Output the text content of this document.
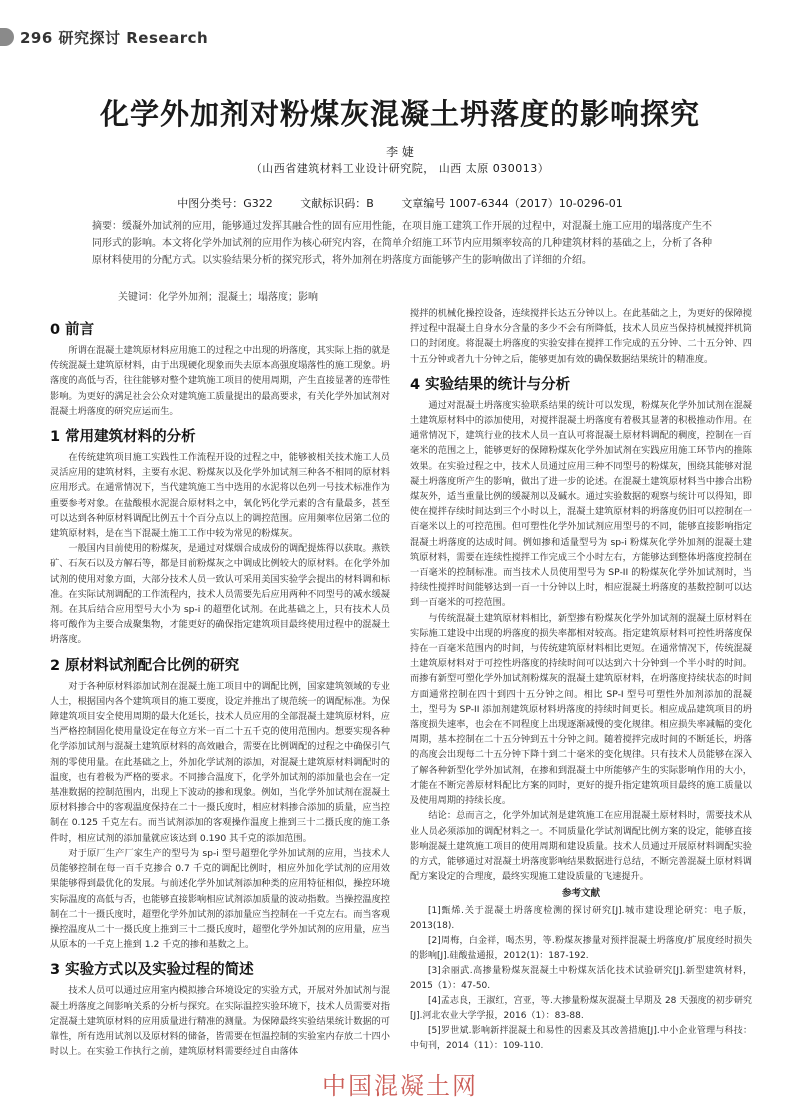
296 研究探讨 Research
化学外加剂对粉煤灰混凝土坍落度的影响探究
李 婕
（山西省建筑材料工业设计研究院， 山西 太原 030013）
中图分类号：G322	文献标识码：B	文章编号 1007-6344（2017）10-0296-01

摘要：缓凝外加试剂的应用，能够通过发挥其融合性的固有应用性能，在项目施工建筑工作开展的过程中，对混凝土施工应用的塌落度产生不同形式的影响。本文将化学外加试剂的应用作为核心研究内容，在简单介绍施工环节内应用频率较高的几种建筑材料的基础之上，分析了各种原材料使用的分配方式。以实验结果分析的探究形式，将外加剂在坍落度方面能够产生的影响做出了详细的介绍。

关键词：化学外加剂；混凝土；塌落度；影响
0 前言

所谓在混凝土建筑原材料应用施工的过程之中出现的坍落度，其实际上指的就是传统混凝土建筑原材料，由于出现硬化现象而失去原本高强度塌落性的施工现象。坍落度的高低与否，往往能够对整个建筑施工项目的使用周期，产生直接显著的连带性影响。为更好的满足社会公众对建筑施工质量提出的最高要求，有关化学外加试剂对混凝土坍落度的研究应运而生。

1 常用建筑材料的分析

在传统建筑项目施工实践性工作流程开设的过程之中，能够被相关技术施工人员灵活应用的建筑材料，主要有水泥、粉煤灰以及化学外加试剂三种各不相同的原材料应用形式。在通常情况下，当代建筑施工当中选用的水泥将以色列一号技术标准作为重要参考对象。在盐酸根水泥混合原材料之中，氧化钙化学元素的含有量最多，甚至可以达到各种原材料调配比例五十个百分点以上的调控范围。应用频率位居第二位的建筑原材料，是在当下混凝土施工工作中较为常见的粉煤灰。

一般国内目前使用的粉煤灰，是通过对煤烟合成成份的调配提炼得以获取。燕铁矿、石灰石以及方解石等，都是目前粉煤灰之中调成比例较大的原材料。在化学外加试剂的使用对象方面，大部分技术人员一致认可采用美国实验学会提出的材料调和标准。在实际试剂调配的工作流程内，技术人员需要先后应用两种不同型号的减水缓凝剂。在其后结合应用型号大小为 sp-i 的超塑化试剂。在此基础之上，只有技术人员将可酸作为主要合成聚集物，才能更好的确保指定建筑项目最终使用过程中的混凝土坍落度。

2 原材料试剂配合比例的研究

对于各种原材料添加试剂在混凝土施工项目中的调配比例，国家建筑领域的专业人士，根据国内各个建筑项目的施工要度，设定并推出了规范统一的调配标准。为保障建筑项目安全使用周期的最大化延长，技术人员应用的全部混凝土建筑原材料，应当严格控制固化使用量设定在每立方米一百二十五千克的使用范围内。想要实现各种化学添加试剂与混凝土建筑原材料的高效融合，需要在比例调配的过程之中确保引气剂的零使用量。在此基础之上，外加化学试剂的添加，对混凝土建筑原材料调配时的温度，也有着极为严格的要求。不同掺合温度下，化学外加试剂的添加量也会在一定基准数据的控制范围内，出现上下波动的掺和现象。例如，当化学外加试剂在混凝土原材料掺合中的客观温度保持在二十一摄氏度时，相应材料掺合添加的质量，应当控制在 0.125 千克左右。而当试剂添加的客观操作温度上推到三十二摄氏度的施工条件时，相应试剂的添加量就应该达到 0.190 其千克的添加范围。

对于原厂生产厂家生产的型号为 sp-i 型号超塑化学外加试剂的应用，当技术人员能够控制在每一百千克掺合 0.7 千克的调配比例时，相应外加化学试剂的应用效果能够得到最优化的发展。与前述化学外加试剂添加种类的应用特征相似，操控环境实际温度的高低与否，也能够直接影响相应试剂添加质量的波动指数。当操控温度控制在二十一摄氏度时，超塑化学外加试剂的添加量应当控制在一千克左右。而当客观操控温度从二十一摄氏度上推到三十二摄氏度时，超塑化学外加试剂的应用量，应当从原本的一千克上推到 1.2 千克的掺和基数之上。

3 实验方式以及实验过程的简述

技术人员可以通过应用室内模拟掺合环境设定的实验方式，开展对外加试剂与混凝土坍落度之间影响关系的分析与探究。在实际温控实验环境下，技术人员需要对指定混凝土建筑原材料的应用质量进行精准的测量。为保障最终实验结果统计数据的可靠性，所有选用试剂以及原材料的储备，皆需要在恒温控制的实验室内存放二十四小时以上。在实验工作执行之前，建筑原材料需要经过自由落体

搅拌的机械化操控设备，连续搅拌长达五分钟以上。在此基础之上，为更好的保障搅拌过程中混凝土自身水分含量的多少不会有所降低，技术人员应当保持机械搅拌机筒口的封闭度。将混凝土坍落度的实验安排在搅拌工作完成的五分钟、二十五分钟、四十五分钟或者九十分钟之后，能够更加有效的确保数据结果统计的精准度。

4 实验结果的统计与分析

通过对混凝土坍落度实验联系结果的统计可以发现，粉煤灰化学外加试剂在混凝土建筑原材料中的添加使用，对搅拌混凝土坍落度有着极其显著的积极推动作用。在通常情况下，建筑行业的技术人员一直认可将混凝土原材料调配的稠度，控制在一百毫米的范围之上，能够更好的保障粉煤灰化学外加试剂在实践应用施工环节内的推陈效果。在实验过程之中，技术人员通过应用三种不同型号的粉煤灰，围绕其能够对混凝土坍落度所产生的影响，做出了进一步的论述。在混凝土建筑原材料当中掺合出粉煤灰外，适当重量比例的缓凝剂以及碱水。通过实验数据的观察与统计可以得知，即使在搅拌存续时间达到三个小时以上，混凝土建筑原材料的坍落度仍旧可以控制在一百毫米以上的可控范围。但可塑性化学外加试剂应用型号的不同，能够直接影响指定混凝土坍落度的达成时间。例如掺和适量型号为 sp-i 粉煤灰化学外加剂的混凝土建筑原材料，需要在连续性搅拌工作完成三个小时左右，方能够达到整体坍落度控制在一百毫米的控制标准。而当技术人员使用型号为 SP-II 的粉煤灰化学外加试剂时，当持续性搅拌时间能够达到一百一十分钟以上时，相应混凝土坍落度的基数控制可以达到一百毫米的可控范围。

与传统混凝土建筑原材料相比，新型掺有粉煤灰化学外加试剂的混凝土原材料在实际施工建设中出现的坍落度的损失率都相对较高。指定建筑原材料可控性坍落度保持在一百毫米范围内的时间，与传统建筑原材料相比更短。在通常情况下，传统混凝土建筑原材料对于可控性坍落度的持续时间可以达到六十分钟到一个半小时的时间。而掺有新型可塑化学外加试剂粉煤灰的混凝土建筑原材料，在坍落度持续状态的时间方面通常控制在四十到四十五分钟之间。相比 SP-I 型号可塑性外加剂添加的混凝土，型号为 SP-II 添加剂建筑原材料坍落度的持续时间更长。相应成品建筑项目的坍落度损失速率，也会在不同程度上出现逐渐减慢的变化规律。相应损失率减幅的变化周期，基本控制在二十五分钟到五十分钟之间。随着搅拌完成时间的不断延长，坍落的高度会出现每二十五分钟下降十到二十毫米的变化规律。只有技术人员能够在深入了解各种新型化学外加试剂，在掺和到混凝土中所能够产生的实际影响作用的大小，才能在不断完善原材料配比方案的同时，更好的提升指定建筑项目最终的施工质量以及使用周期的持续长度。

结论：总而言之，化学外加试剂是建筑施工在应用混凝土原材料时，需要技术从业人员必须添加的调配材料之一。不同质量化学试剂调配比例方案的设定，能够直接影响混凝土建筑施工项目的使用周期和建设质量。技术人员通过开展原材料调配实验的方式，能够通过对混凝土坍落度影响结果数据进行总结，不断完善混凝土原材料调配方案设定的合理度，最终实现施工建设质量的飞速提升。

参考文献

[1]甄烯.关于混凝土坍落度检测的探讨研究[J].城市建设理论研究：电子版，2013(18).

[2]周梅，白金祥，喝杰男，等.粉煤灰掺量对预拌混凝土坍落度/扩展度经时损失的影响[J].硅酸盐通报，2012(1)：187-192.

[3]余丽武.高掺量粉煤灰混凝土中粉煤灰活化技术试验研究[J].新型建筑材料，2015（1）：47-50.

[4]孟志良，王淑红，宫亚，等.大掺量粉煤灰混凝土早期及 28 天强度的初步研究[J].河北农业大学学报，2016（1）：83-88.

[5]罗世斌.影响新拌混凝土和易性的因素及其改善措施[J].中小企业管理与科技：中旬刊，2014（11）：109-110.

中国混凝土网
